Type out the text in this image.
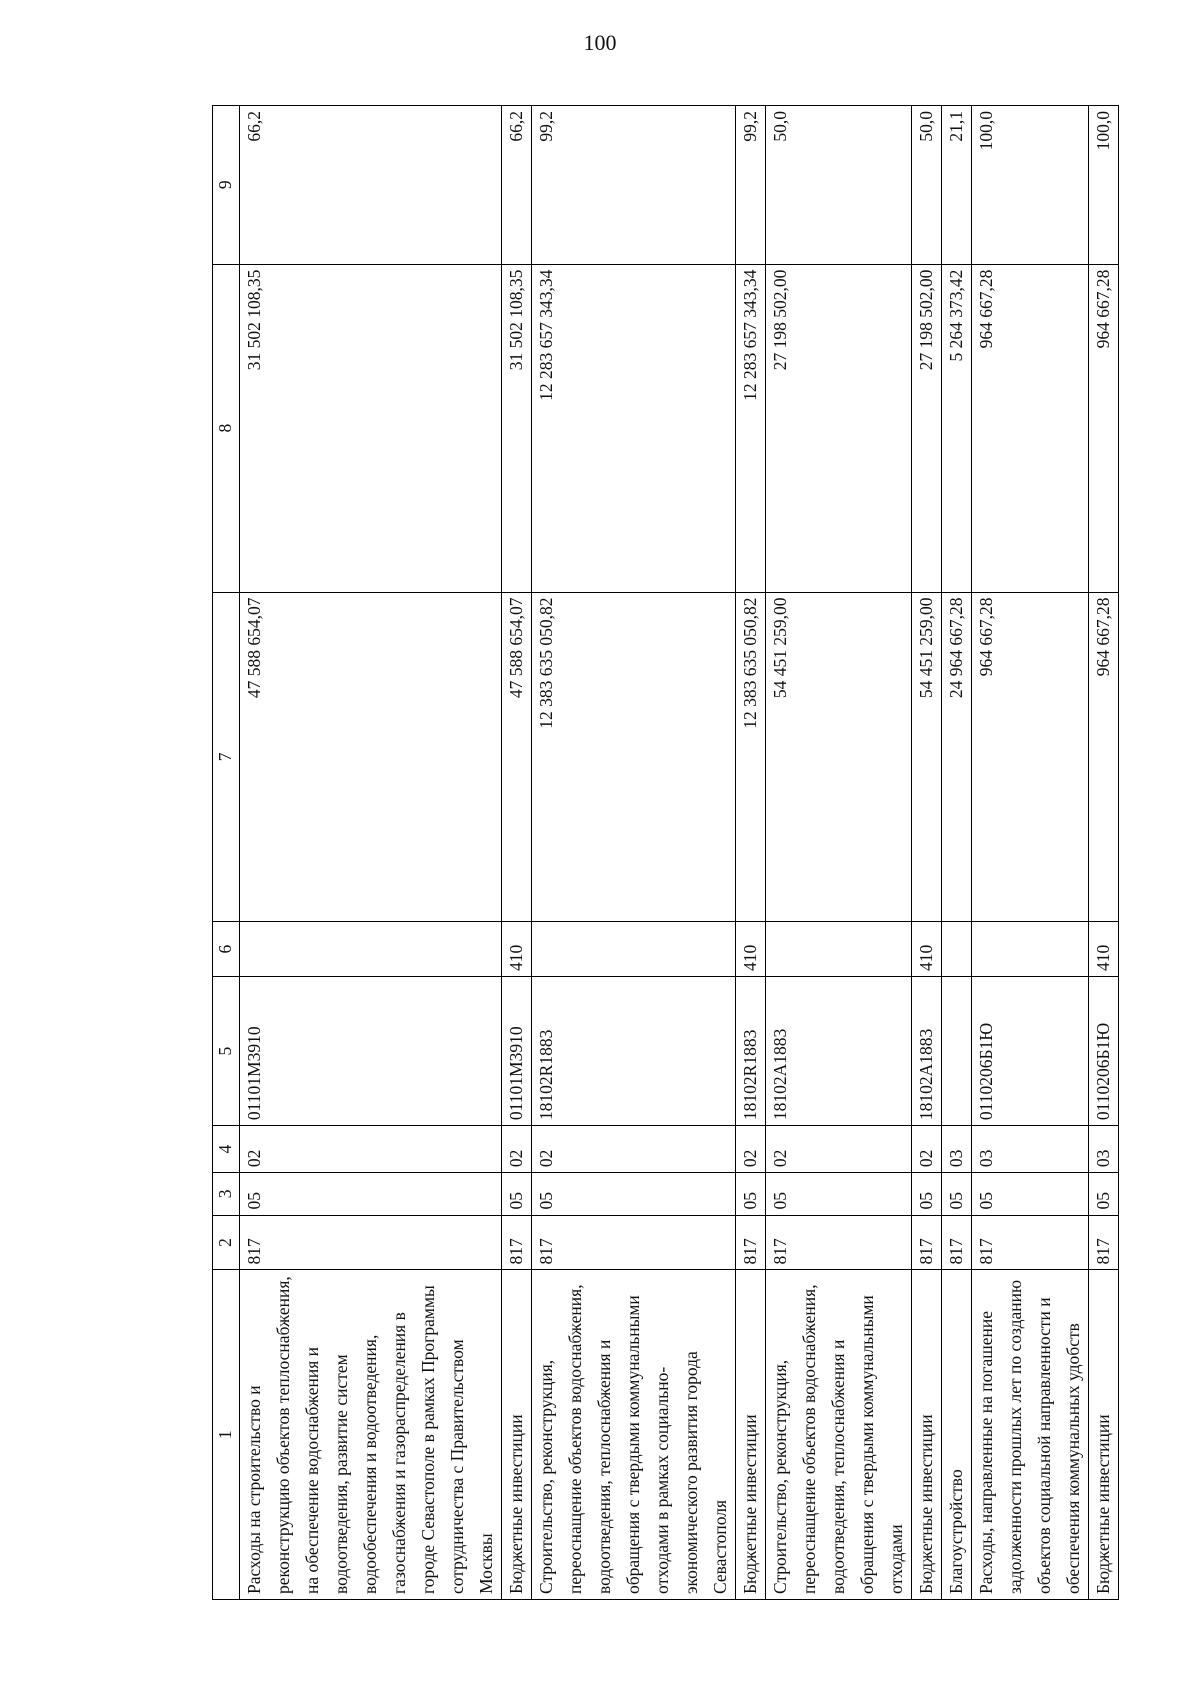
100
1	2	3	4	5	6	7	8	9
Расходы на строительство и реконструкцию объектов теплоснабжения, на обеспечение водоснабжения и водоотведения, развитие систем водообеспечения и водоотведения, газоснабжения и газораспределения в городе Севастополе в рамках Программы сотрудничества с Правительством Москвы	817	05	02	01101M3910		47 588 654,07	31 502 108,35	66,2
Бюджетные инвестиции	817	05	02	01101M3910	410	47 588 654,07	31 502 108,35	66,2
Строительство, реконструкция, переоснащение объектов водоснабжения, водоотведения, теплоснабжения и обращения с твердыми коммунальными отходами в рамках социально-экономического развития города Севастополя	817	05	02	18102R1883		12 383 635 050,82	12 283 657 343,34	99,2
Бюджетные инвестиции	817	05	02	18102R1883	410	12 383 635 050,82	12 283 657 343,34	99,2
Строительство, реконструкция, переоснащение объектов водоснабжения, водоотведения, теплоснабжения и обращения с твердыми коммунальными отходами	817	05	02	18102A1883		54 451 259,00	27 198 502,00	50,0
Бюджетные инвестиции	817	05	02	18102A1883	410	54 451 259,00	27 198 502,00	50,0
Благоустройство	817	05	03			24 964 667,28	5 264 373,42	21,1
Расходы, направленные на погашение задолженности прошлых лет по созданию объектов социальной направленности и обеспечения коммунальных удобств	817	05	03	0110206Б1Ю		964 667,28	964 667,28	100,0
Бюджетные инвестиции	817	05	03	0110206Б1Ю	410	964 667,28	964 667,28	100,0
